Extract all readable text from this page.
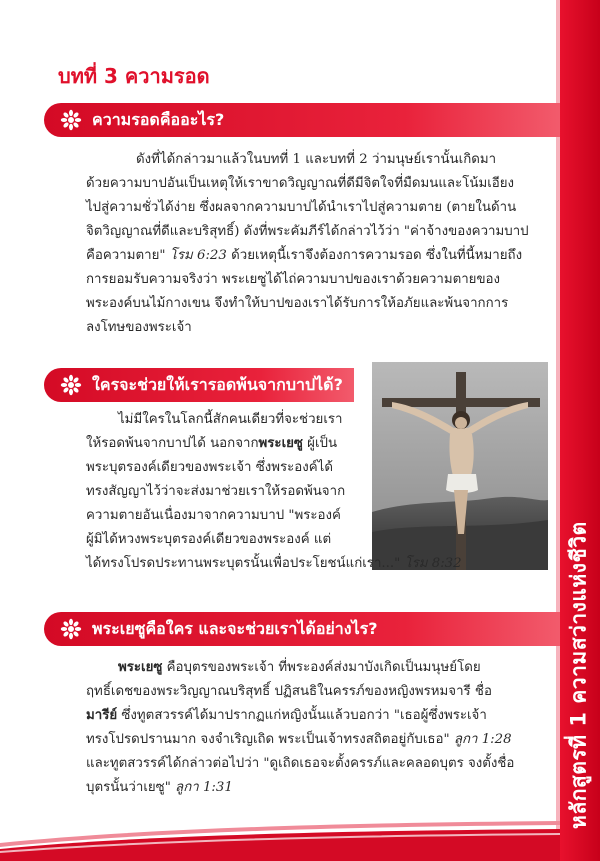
หลักสูตรที่ 1 ความสว่างแห่งชีวิต
บทที่ 3 ความรอด
ความรอดคืออะไร?

ดังที่ได้กล่าวมาแล้วในบทที่ 1 และบทที่ 2 ว่ามนุษย์เรานั้นเกิดมา

ด้วยความบาปอันเป็นเหตุให้เราขาดวิญญาณที่ดีมีจิตใจที่มืดมนและโน้มเอียง

ไปสู่ความชั่วได้ง่าย ซึ่งผลจากความบาปได้นำเราไปสู่ความตาย (ตายในด้าน

จิตวิญญาณที่ดีและบริสุทธิ์) ดังที่พระคัมภีร์ได้กล่าวไว้ว่า "ค่าจ้างของความบาป

คือความตาย" โรม 6:23 ด้วยเหตุนี้เราจึงต้องการความรอด ซึ่งในที่นี้หมายถึง

การยอมรับความจริงว่า พระเยซูได้ไถ่ความบาปของเราด้วยความตายของ

พระองค์บนไม้กางเขน จึงทำให้บาปของเราได้รับการให้อภัยและพ้นจากการ

ลงโทษของพระเจ้า

ใครจะช่วยให้เรารอดพ้นจากบาปได้?

ไม่มีใครในโลกนี้สักคนเดียวที่จะช่วยเรา

ให้รอดพ้นจากบาปได้ นอกจากพระเยซู ผู้เป็น

พระบุตรองค์เดียวของพระเจ้า ซึ่งพระองค์ได้

ทรงสัญญาไว้ว่าจะส่งมาช่วยเราให้รอดพ้นจาก

ความตายอันเนื่องมาจากความบาป "พระองค์

ผู้มิได้หวงพระบุตรองค์เดียวของพระองค์ แต่

ได้ทรงโปรดประทานพระบุตรนั้นเพื่อประโยชน์แก่เรา..." โรม 8:32

พระเยซูคือใคร และจะช่วยเราได้อย่างไร?

พระเยซู คือบุตรของพระเจ้า ที่พระองค์ส่งมาบังเกิดเป็นมนุษย์โดย

ฤทธิ์เดชของพระวิญญาณบริสุทธิ์ ปฏิสนธิในครรภ์ของหญิงพรหมจารี ชื่อ

มารีย์ ซึ่งทูตสวรรค์ได้มาปรากฏแก่หญิงนั้นแล้วบอกว่า "เธอผู้ซึ่งพระเจ้า

ทรงโปรดปรานมาก จงจำเริญเถิด พระเป็นเจ้าทรงสถิตอยู่กับเธอ" ลูกา 1:28

และทูตสวรรค์ได้กล่าวต่อไปว่า "ดูเถิดเธอจะตั้งครรภ์และคลอดบุตร จงตั้งชื่อ

บุตรนั้นว่าเยซู" ลูกา 1:31
